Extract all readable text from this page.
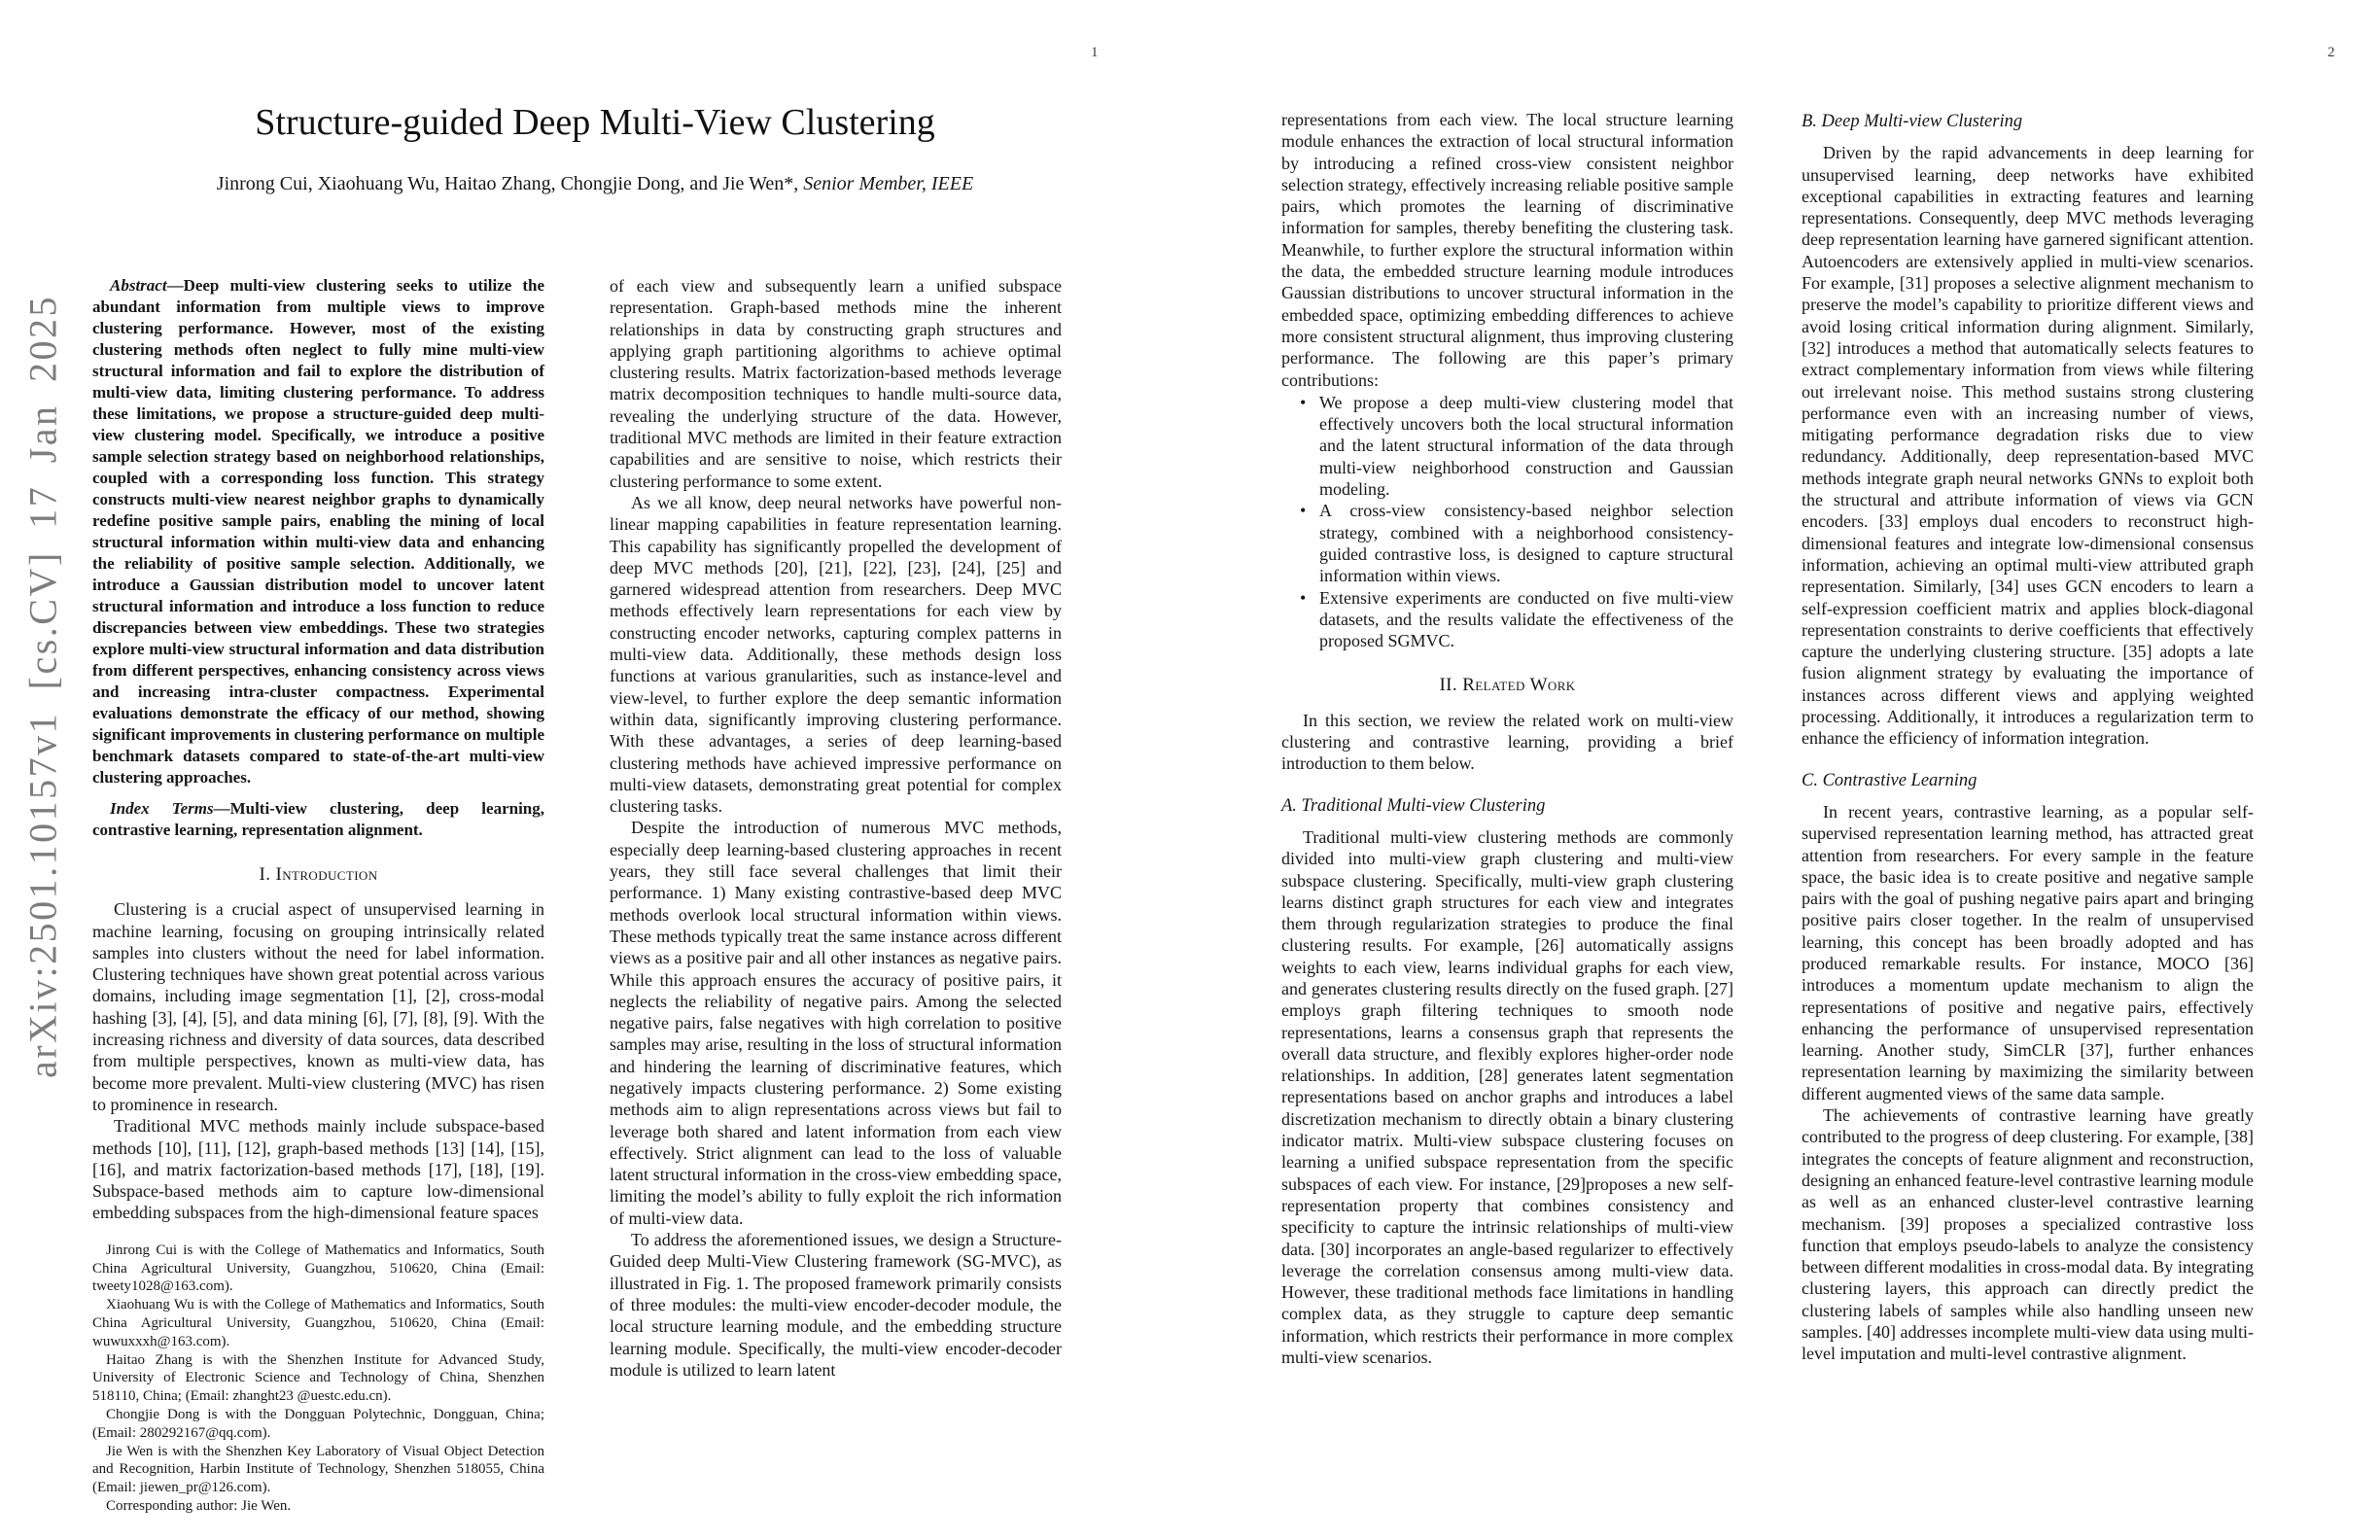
1
arXiv:2501.10157v1 [cs.CV] 17 Jan 2025
Structure-guided Deep Multi-View Clustering
Jinrong Cui, Xiaohuang Wu, Haitao Zhang, Chongjie Dong, and Jie Wen*, Senior Member, IEEE

Abstract—Deep multi-view clustering seeks to utilize the abundant information from multiple views to improve clustering performance. However, most of the existing clustering methods often neglect to fully mine multi-view structural information and fail to explore the distribution of multi-view data, limiting clustering performance. To address these limitations, we propose a structure-guided deep multi-view clustering model. Specifically, we introduce a positive sample selection strategy based on neighborhood relationships, coupled with a corresponding loss function. This strategy constructs multi-view nearest neighbor graphs to dynamically redefine positive sample pairs, enabling the mining of local structural information within multi-view data and enhancing the reliability of positive sample selection. Additionally, we introduce a Gaussian distribution model to uncover latent structural information and introduce a loss function to reduce discrepancies between view embeddings. These two strategies explore multi-view structural information and data distribution from different perspectives, enhancing consistency across views and increasing intra-cluster compactness. Experimental evaluations demonstrate the efficacy of our method, showing significant improvements in clustering performance on multiple benchmark datasets compared to state-of-the-art multi-view clustering approaches.

Index Terms—Multi-view clustering, deep learning, contrastive learning, representation alignment.

I. Introduction

Clustering is a crucial aspect of unsupervised learning in machine learning, focusing on grouping intrinsically related samples into clusters without the need for label information. Clustering techniques have shown great potential across various domains, including image segmentation [1], [2], cross-modal hashing [3], [4], [5], and data mining [6], [7], [8], [9]. With the increasing richness and diversity of data sources, data described from multiple perspectives, known as multi-view data, has become more prevalent. Multi-view clustering (MVC) has risen to prominence in research.

Traditional MVC methods mainly include subspace-based methods [10], [11], [12], graph-based methods [13] [14], [15], [16], and matrix factorization-based methods [17], [18], [19]. Subspace-based methods aim to capture low-dimensional embedding subspaces from the high-dimensional feature spaces

Jinrong Cui is with the College of Mathematics and Informatics, South China Agricultural University, Guangzhou, 510620, China (Email: tweety1028@163.com).

Xiaohuang Wu is with the College of Mathematics and Informatics, South China Agricultural University, Guangzhou, 510620, China (Email: wuwuxxxh@163.com).

Haitao Zhang is with the Shenzhen Institute for Advanced Study, University of Electronic Science and Technology of China, Shenzhen 518110, China; (Email: zhanght23 @uestc.edu.cn).

Chongjie Dong is with the Dongguan Polytechnic, Dongguan, China; (Email: 280292167@qq.com).

Jie Wen is with the Shenzhen Key Laboratory of Visual Object Detection and Recognition, Harbin Institute of Technology, Shenzhen 518055, China (Email: jiewen_pr@126.com).

Corresponding author: Jie Wen.

of each view and subsequently learn a unified subspace representation. Graph-based methods mine the inherent relationships in data by constructing graph structures and applying graph partitioning algorithms to achieve optimal clustering results. Matrix factorization-based methods leverage matrix decomposition techniques to handle multi-source data, revealing the underlying structure of the data. However, traditional MVC methods are limited in their feature extraction capabilities and are sensitive to noise, which restricts their clustering performance to some extent.

As we all know, deep neural networks have powerful non-linear mapping capabilities in feature representation learning. This capability has significantly propelled the development of deep MVC methods [20], [21], [22], [23], [24], [25] and garnered widespread attention from researchers. Deep MVC methods effectively learn representations for each view by constructing encoder networks, capturing complex patterns in multi-view data. Additionally, these methods design loss functions at various granularities, such as instance-level and view-level, to further explore the deep semantic information within data, significantly improving clustering performance. With these advantages, a series of deep learning-based clustering methods have achieved impressive performance on multi-view datasets, demonstrating great potential for complex clustering tasks.

Despite the introduction of numerous MVC methods, especially deep learning-based clustering approaches in recent years, they still face several challenges that limit their performance. 1) Many existing contrastive-based deep MVC methods overlook local structural information within views. These methods typically treat the same instance across different views as a positive pair and all other instances as negative pairs. While this approach ensures the accuracy of positive pairs, it neglects the reliability of negative pairs. Among the selected negative pairs, false negatives with high correlation to positive samples may arise, resulting in the loss of structural information and hindering the learning of discriminative features, which negatively impacts clustering performance. 2) Some existing methods aim to align representations across views but fail to leverage both shared and latent information from each view effectively. Strict alignment can lead to the loss of valuable latent structural information in the cross-view embedding space, limiting the model’s ability to fully exploit the rich information of multi-view data.

To address the aforementioned issues, we design a Structure-Guided deep Multi-View Clustering framework (SG-MVC), as illustrated in Fig. 1. The proposed framework primarily consists of three modules: the multi-view encoder-decoder module, the local structure learning module, and the embedding structure learning module. Specifically, the multi-view encoder-decoder module is utilized to learn latent

2

representations from each view. The local structure learning module enhances the extraction of local structural information by introducing a refined cross-view consistent neighbor selection strategy, effectively increasing reliable positive sample pairs, which promotes the learning of discriminative information for samples, thereby benefiting the clustering task. Meanwhile, to further explore the structural information within the data, the embedded structure learning module introduces Gaussian distributions to uncover structural information in the embedded space, optimizing embedding differences to achieve more consistent structural alignment, thus improving clustering performance. The following are this paper’s primary contributions:

• We propose a deep multi-view clustering model that effectively uncovers both the local structural information and the latent structural information of the data through multi-view neighborhood construction and Gaussian modeling.

• A cross-view consistency-based neighbor selection strategy, combined with a neighborhood consistency-guided contrastive loss, is designed to capture structural information within views.

• Extensive experiments are conducted on five multi-view datasets, and the results validate the effectiveness of the proposed SGMVC.

II. Related Work

In this section, we review the related work on multi-view clustering and contrastive learning, providing a brief introduction to them below.

A. Traditional Multi-view Clustering

Traditional multi-view clustering methods are commonly divided into multi-view graph clustering and multi-view subspace clustering. Specifically, multi-view graph clustering learns distinct graph structures for each view and integrates them through regularization strategies to produce the final clustering results. For example, [26] automatically assigns weights to each view, learns individual graphs for each view, and generates clustering results directly on the fused graph. [27] employs graph filtering techniques to smooth node representations, learns a consensus graph that represents the overall data structure, and flexibly explores higher-order node relationships. In addition, [28] generates latent segmentation representations based on anchor graphs and introduces a label discretization mechanism to directly obtain a binary clustering indicator matrix. Multi-view subspace clustering focuses on learning a unified subspace representation from the specific subspaces of each view. For instance, [29]proposes a new self-representation property that combines consistency and specificity to capture the intrinsic relationships of multi-view data. [30] incorporates an angle-based regularizer to effectively leverage the correlation consensus among multi-view data. However, these traditional methods face limitations in handling complex data, as they struggle to capture deep semantic information, which restricts their performance in more complex multi-view scenarios.

B. Deep Multi-view Clustering

Driven by the rapid advancements in deep learning for unsupervised learning, deep networks have exhibited exceptional capabilities in extracting features and learning representations. Consequently, deep MVC methods leveraging deep representation learning have garnered significant attention. Autoencoders are extensively applied in multi-view scenarios. For example, [31] proposes a selective alignment mechanism to preserve the model’s capability to prioritize different views and avoid losing critical information during alignment. Similarly, [32] introduces a method that automatically selects features to extract complementary information from views while filtering out irrelevant noise. This method sustains strong clustering performance even with an increasing number of views, mitigating performance degradation risks due to view redundancy. Additionally, deep representation-based MVC methods integrate graph neural networks GNNs to exploit both the structural and attribute information of views via GCN encoders. [33] employs dual encoders to reconstruct high-dimensional features and integrate low-dimensional consensus information, achieving an optimal multi-view attributed graph representation. Similarly, [34] uses GCN encoders to learn a self-expression coefficient matrix and applies block-diagonal representation constraints to derive coefficients that effectively capture the underlying clustering structure. [35] adopts a late fusion alignment strategy by evaluating the importance of instances across different views and applying weighted processing. Additionally, it introduces a regularization term to enhance the efficiency of information integration.

C. Contrastive Learning

In recent years, contrastive learning, as a popular self-supervised representation learning method, has attracted great attention from researchers. For every sample in the feature space, the basic idea is to create positive and negative sample pairs with the goal of pushing negative pairs apart and bringing positive pairs closer together. In the realm of unsupervised learning, this concept has been broadly adopted and has produced remarkable results. For instance, MOCO [36] introduces a momentum update mechanism to align the representations of positive and negative pairs, effectively enhancing the performance of unsupervised representation learning. Another study, SimCLR [37], further enhances representation learning by maximizing the similarity between different augmented views of the same data sample.

The achievements of contrastive learning have greatly contributed to the progress of deep clustering. For example, [38] integrates the concepts of feature alignment and reconstruction, designing an enhanced feature-level contrastive learning module as well as an enhanced cluster-level contrastive learning mechanism. [39] proposes a specialized contrastive loss function that employs pseudo-labels to analyze the consistency between different modalities in cross-modal data. By integrating clustering layers, this approach can directly predict the clustering labels of samples while also handling unseen new samples. [40] addresses incomplete multi-view data using multi-level imputation and multi-level contrastive alignment.
